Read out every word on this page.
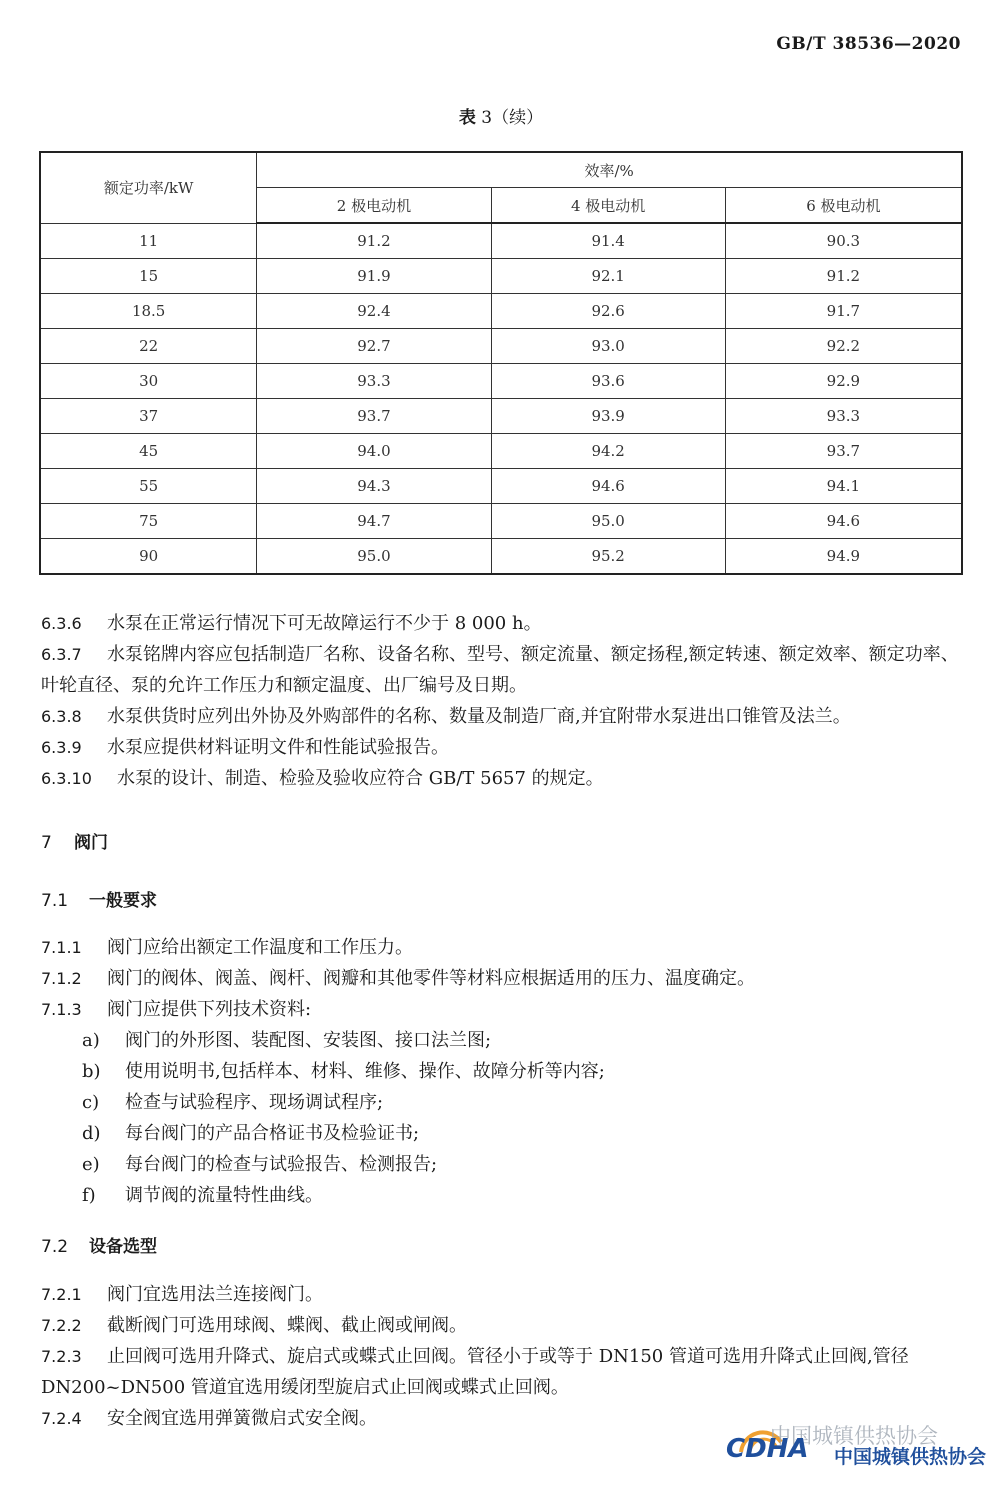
GB/T 38536—2020
表 3（续）
额定功率/kW	效率/%		
	2 极电动机	4 极电动机	6 极电动机
11	91.2	91.4	90.3
15	91.9	92.1	91.2
18.5	92.4	92.6	91.7
22	92.7	93.0	92.2
30	93.3	93.6	92.9
37	93.7	93.9	93.3
45	94.0	94.2	93.7
55	94.3	94.6	94.1
75	94.7	95.0	94.6
90	95.0	95.2	94.9

6.3.6 水泵在正常运行情况下可无故障运行不少于 8 000 h。

6.3.7 水泵铭牌内容应包括制造厂名称、设备名称、型号、额定流量、额定扬程,额定转速、额定效率、额定功率、叶轮直径、泵的允许工作压力和额定温度、出厂编号及日期。

6.3.8 水泵供货时应列出外协及外购部件的名称、数量及制造厂商,并宜附带水泵进出口锥管及法兰。

6.3.9 水泵应提供材料证明文件和性能试验报告。

6.3.10 水泵的设计、制造、检验及验收应符合 GB/T 5657 的规定。

7 阀门

7.1 一般要求

7.1.1 阀门应给出额定工作温度和工作压力。

7.1.2 阀门的阀体、阀盖、阀杆、阀瓣和其他零件等材料应根据适用的压力、温度确定。

7.1.3 阀门应提供下列技术资料:

a) 阀门的外形图、装配图、安装图、接口法兰图;

b) 使用说明书,包括样本、材料、维修、操作、故障分析等内容;

c) 检查与试验程序、现场调试程序;

d) 每台阀门的产品合格证书及检验证书;

e) 每台阀门的检查与试验报告、检测报告;

f) 调节阀的流量特性曲线。

7.2 设备选型

7.2.1 阀门宜选用法兰连接阀门。

7.2.2 截断阀门可选用球阀、蝶阀、截止阀或闸阀。

7.2.3 止回阀可选用升降式、旋启式或蝶式止回阀。管径小于或等于 DN150 管道可选用升降式止回阀,管径 DN200~DN500 管道宜选用缓闭型旋启式止回阀或蝶式止回阀。

7.2.4 安全阀宜选用弹簧微启式安全阀。

中国城镇供热协会
CDHA 中国城镇供热协会
